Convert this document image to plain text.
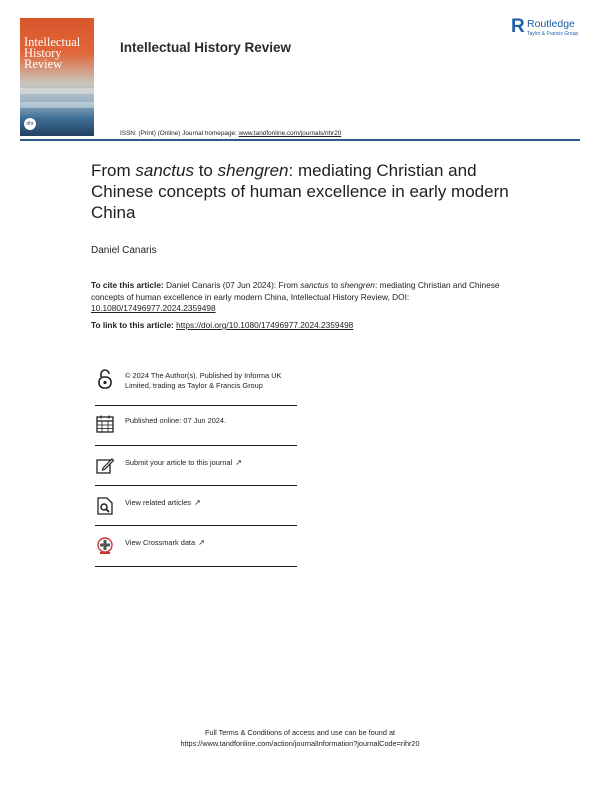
Intellectual
History
Review
rihr
Intellectual History Review
ISSN: (Print) (Online) Journal homepage: www.tandfonline.com/journals/rihr20
R Routledge
Taylor & Francis Group
From sanctus to shengren: mediating Christian and Chinese concepts of human excellence in early modern China
Daniel Canaris
To cite this article: Daniel Canaris (07 Jun 2024): From sanctus to shengren: mediating Christian and Chinese concepts of human excellence in early modern China, Intellectual History Review, DOI: 10.1080/17496977.2024.2359498
To link to this article: https://doi.org/10.1080/17496977.2024.2359498
© 2024 The Author(s). Published by Informa UK Limited, trading as Taylor & Francis Group
Published online: 07 Jun 2024.
Submit your article to this journal ↗
View related articles ↗
View Crossmark data ↗
Full Terms & Conditions of access and use can be found at
https://www.tandfonline.com/action/journalInformation?journalCode=rihr20
